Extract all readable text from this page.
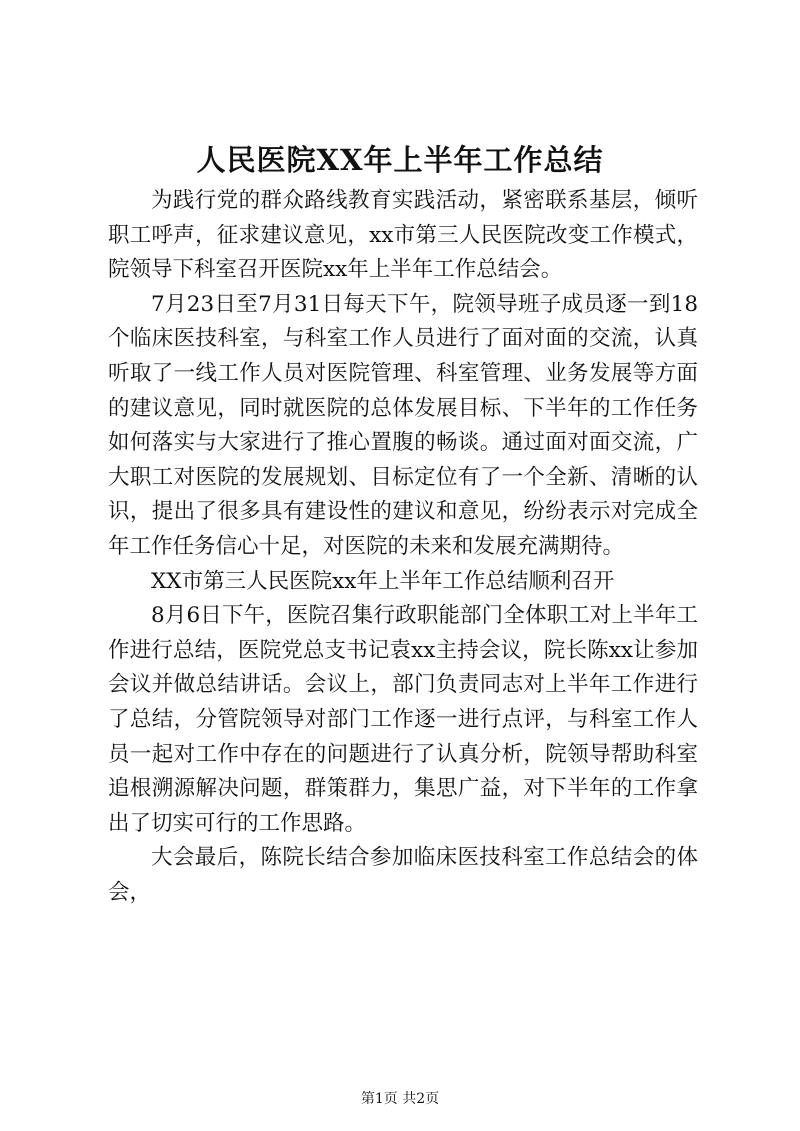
人民医院XX年上半年工作总结

为践行党的群众路线教育实践活动，紧密联系基层，倾听职工呼声，征求建议意见，xx市第三人民医院改变工作模式，院领导下科室召开医院xx年上半年工作总结会。

7月23日至7月31日每天下午，院领导班子成员逐一到18个临床医技科室，与科室工作人员进行了面对面的交流，认真听取了一线工作人员对医院管理、科室管理、业务发展等方面的建议意见，同时就医院的总体发展目标、下半年的工作任务如何落实与大家进行了推心置腹的畅谈。通过面对面交流，广大职工对医院的发展规划、目标定位有了一个全新、清晰的认识，提出了很多具有建设性的建议和意见，纷纷表示对完成全年工作任务信心十足，对医院的未来和发展充满期待。

XX市第三人民医院xx年上半年工作总结顺利召开

8月6日下午，医院召集行政职能部门全体职工对上半年工作进行总结，医院党总支书记袁xx主持会议，院长陈xx让参加会议并做总结讲话。会议上，部门负责同志对上半年工作进行了总结，分管院领导对部门工作逐一进行点评，与科室工作人员一起对工作中存在的问题进行了认真分析，院领导帮助科室追根溯源解决问题，群策群力，集思广益，对下半年的工作拿出了切实可行的工作思路。

大会最后，陈院长结合参加临床医技科室工作总结会的体会，

第1页 共2页
